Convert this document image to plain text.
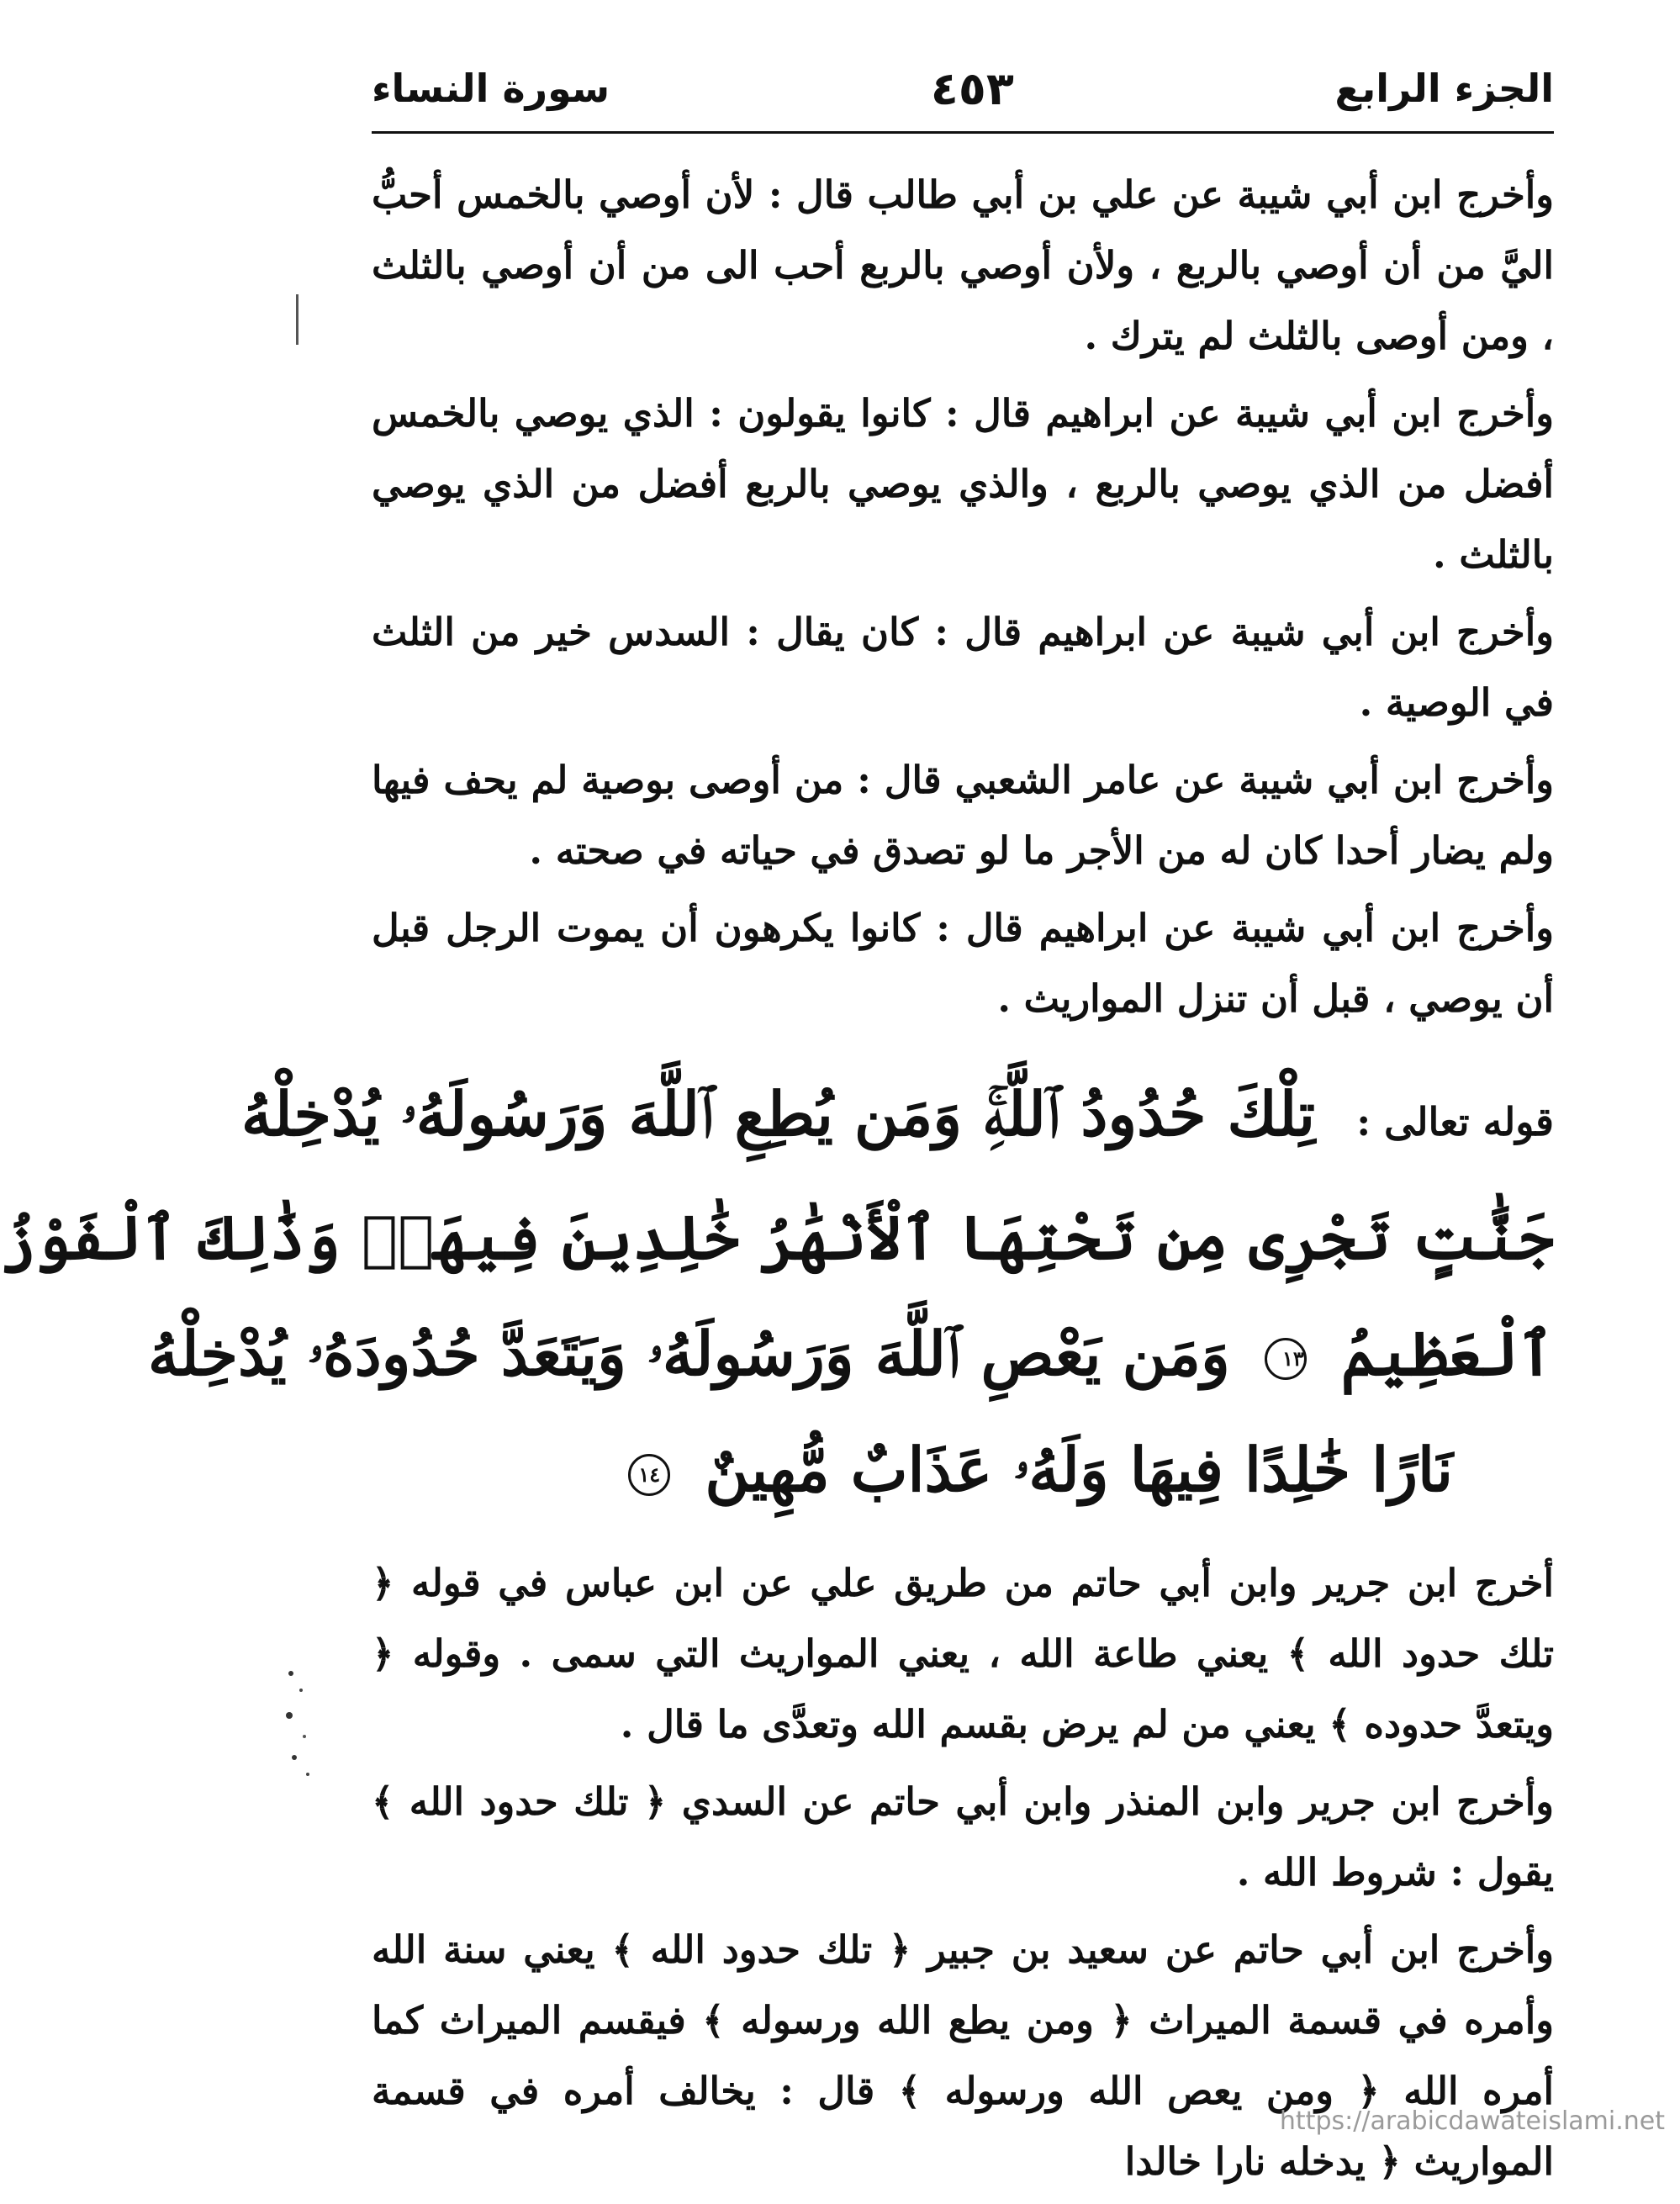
الجزء الرابع
٤٥٣
سورة النساء
وأخرج ابن أبي شيبة عن علي بن أبي طالب قال : لأن أوصي بالخمس أحبُّ اليَّ من أن أوصي بالربع ، ولأن أوصي بالربع أحب الى من أن أوصي بالثلث ، ومن أوصى بالثلث لم يترك .
وأخرج ابن أبي شيبة عن ابراهيم قال : كانوا يقولون : الذي يوصي بالخمس أفضل من الذي يوصي بالربع ، والذي يوصي بالربع أفضل من الذي يوصي بالثلث .
وأخرج ابن أبي شيبة عن ابراهيم قال : كان يقال : السدس خير من الثلث في الوصية .
وأخرج ابن أبي شيبة عن عامر الشعبي قال : من أوصى بوصية لم يحف فيها ولم يضار أحدا كان له من الأجر ما لو تصدق في حياته في صحته .
وأخرج ابن أبي شيبة عن ابراهيم قال : كانوا يكرهون أن يموت الرجل قبل أن يوصي ، قبل أن تنزل المواريث .
قوله تعالى : تِلْكَ حُدُودُ ٱللَّهِۚ وَمَن يُطِعِ ٱللَّهَ وَرَسُولَهُۥ يُدْخِلْهُ
جَنَّٰتٍ تَجْرِى مِن تَحْتِهَا ٱلْأَنْهَٰرُ خَٰلِدِينَ فِيهَاۚ وَذَٰلِكَ ٱلْفَوْزُ
ٱلْعَظِيمُ ١٣ وَمَن يَعْصِ ٱللَّهَ وَرَسُولَهُۥ وَيَتَعَدَّ حُدُودَهُۥ يُدْخِلْهُ
نَارًا خَٰلِدًا فِيهَا وَلَهُۥ عَذَابٌ مُّهِينٌ ١٤
أخرج ابن جرير وابن أبي حاتم من طريق علي عن ابن عباس في قوله ﴿ تلك حدود الله ﴾ يعني طاعة الله ، يعني المواريث التي سمى . وقوله ﴿ ويتعدَّ حدوده ﴾ يعني من لم يرض بقسم الله وتعدَّى ما قال .
وأخرج ابن جرير وابن المنذر وابن أبي حاتم عن السدي ﴿ تلك حدود الله ﴾ يقول : شروط الله .
وأخرج ابن أبي حاتم عن سعيد بن جبير ﴿ تلك حدود الله ﴾ يعني سنة الله وأمره في قسمة الميراث ﴿ ومن يطع الله ورسوله ﴾ فيقسم الميراث كما أمره الله ﴿ ومن يعص الله ورسوله ﴾ قال : يخالف أمره في قسمة المواريث ﴿ يدخله نارا خالدا
https://arabicdawateislami.net
